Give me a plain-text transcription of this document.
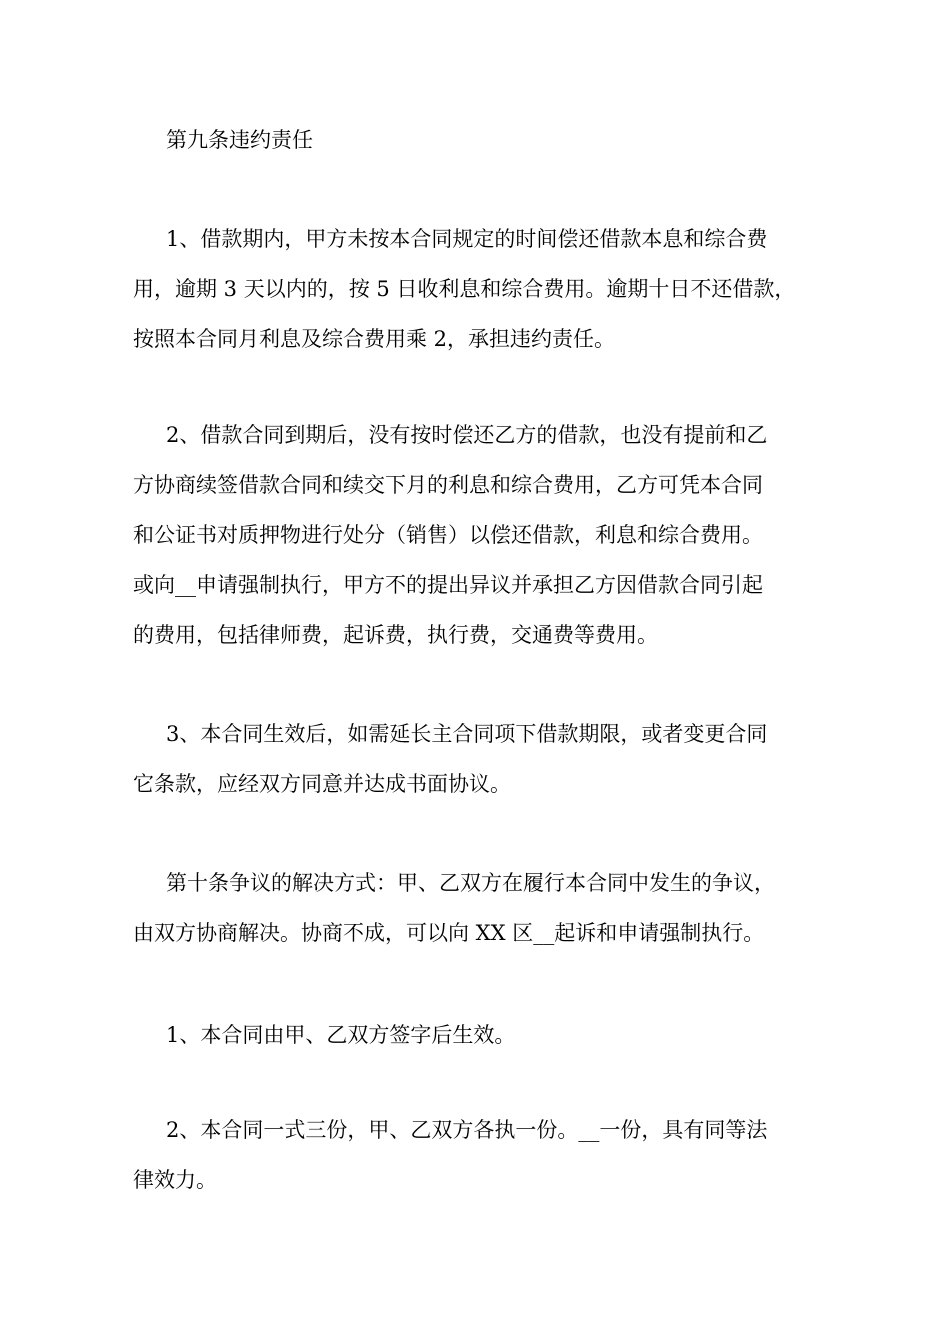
第九条违约责任

1、借款期内，甲方未按本合同规定的时间偿还借款本息和综合费
用，逾期 3 天以内的，按 5 日收利息和综合费用。逾期十日不还借款，
按照本合同月利息及综合费用乘 2，承担违约责任。

2、借款合同到期后，没有按时偿还乙方的借款，也没有提前和乙
方协商续签借款合同和续交下月的利息和综合费用，乙方可凭本合同
和公证书对质押物进行处分（销售）以偿还借款，利息和综合费用。
或向__申请强制执行，甲方不的提出异议并承担乙方因借款合同引起
的费用，包括律师费，起诉费，执行费，交通费等费用。

3、本合同生效后，如需延长主合同项下借款期限，或者变更合同
它条款，应经双方同意并达成书面协议。

第十条争议的解决方式：甲、乙双方在履行本合同中发生的争议，
由双方协商解决。协商不成，可以向 XX 区__起诉和申请强制执行。

1、本合同由甲、乙双方签字后生效。

2、本合同一式三份，甲、乙双方各执一份。__一份，具有同等法
律效力。
